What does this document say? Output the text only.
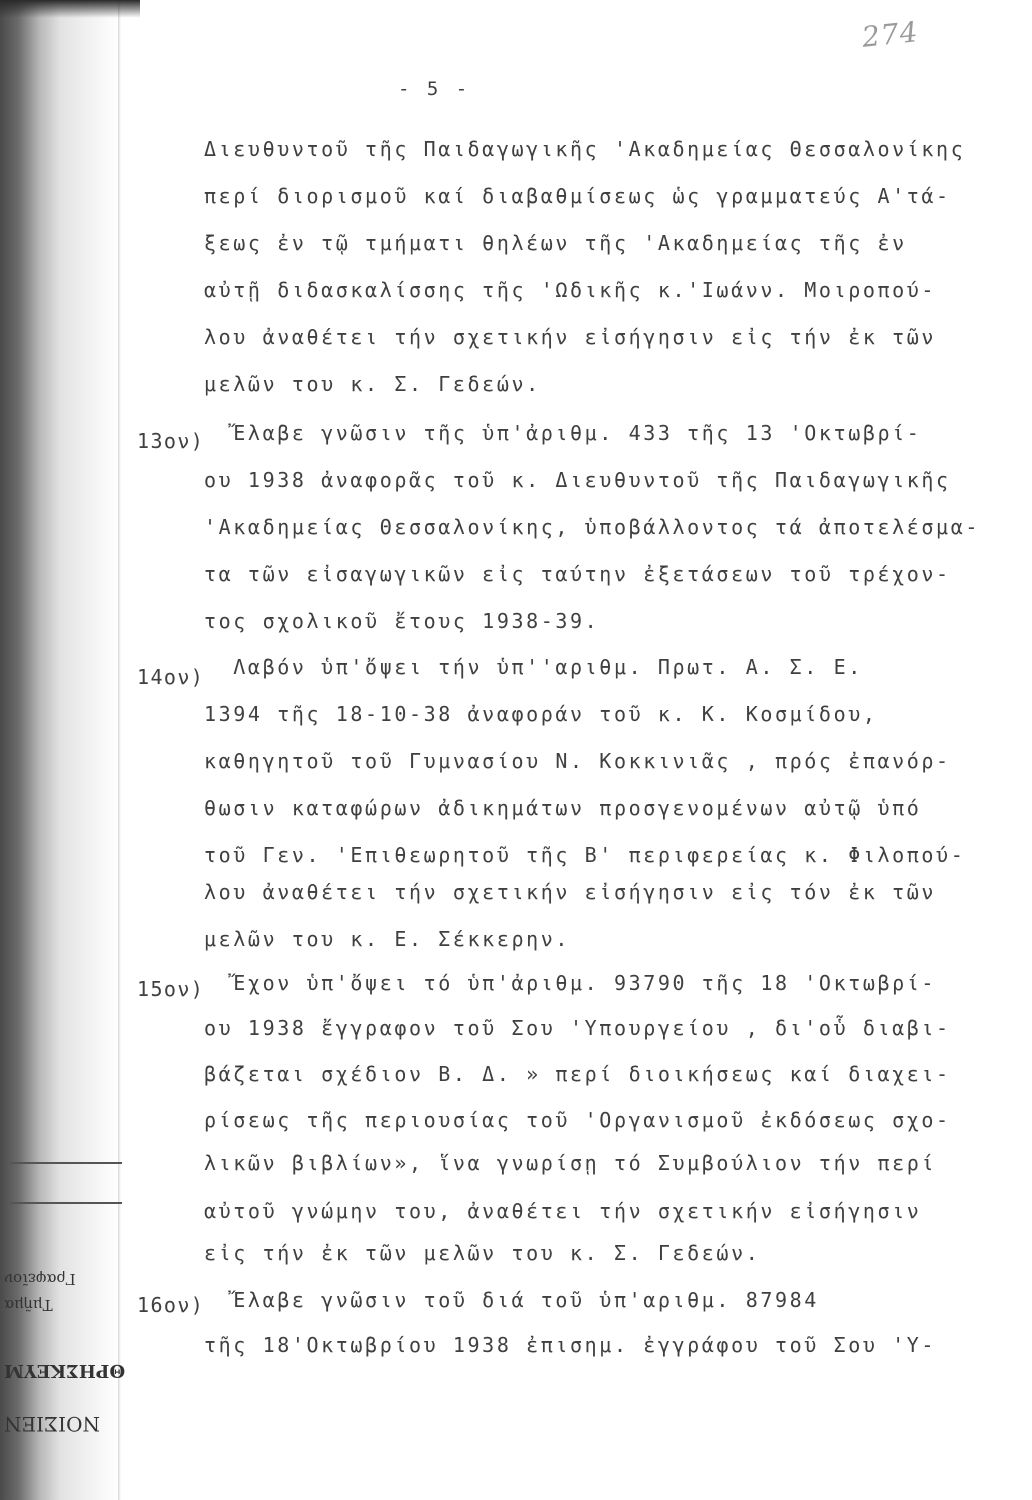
Γραφεῖον
Τμῆμα
ΘΡΗΣΚΕΥΜ
ΝΟΙΣΙΕΝ
274
- 5 -
Διευθυντοῦ τῆς Παιδαγωγικῆς 'Ακαδημείας Θεσσαλονίκης
περί διορισμοῦ καί διαβαθμίσεως ὡς γραμματεύς Α'τά-
ξεως ἐν τῷ τμήματι θηλέων τῆς 'Ακαδημείας τῆς ἐν
αὐτῇ διδασκαλίσσης τῆς 'Ωδικῆς κ.'Ιωάνν. Μοιροπού-
λου ἀναθέτει τήν σχετικήν εἰσήγησιν εἰς τήν ἐκ τῶν
μελῶν του κ. Σ. Γεδεών.
13ον) Ἔλαβε γνῶσιν τῆς ὑπ'ἀριθμ. 433 τῆς 13 'Οκτωβρί-
ου 1938 ἀναφορᾶς τοῦ κ. Διευθυντοῦ τῆς Παιδαγωγικῆς
'Ακαδημείας Θεσσαλονίκης, ὑποβάλλοντος τά ἀποτελέσμα-
τα τῶν εἰσαγωγικῶν εἰς ταύτην ἐξετάσεων τοῦ τρέχον-
τος σχολικοῦ ἔτους 1938-39.
14ον) Λαβόν ὑπ'ὄψει τήν ὑπ''αριθμ. Πρωτ. Α. Σ. Ε.
1394 τῆς 18-10-38 ἀναφοράν τοῦ κ. Κ. Κοσμίδου,
καθηγητοῦ τοῦ Γυμνασίου Ν. Κοκκινιᾶς , πρός ἐπανόρ-
θωσιν καταφώρων ἀδικημάτων προσγενομένων αὐτῷ ὑπό
τοῦ Γεν. 'Επιθεωρητοῦ τῆς Β' περιφερείας κ. Φιλοπού-
λου ἀναθέτει τήν σχετικήν εἰσήγησιν εἰς τόν ἐκ τῶν
μελῶν του κ. Ε. Σέκκερην.
15ον) Ἔχον ὑπ'ὄψει τό ὑπ'ἀριθμ. 93790 τῆς 18 'Οκτωβρί-
ου 1938 ἔγγραφον τοῦ Σου 'Υπουργείου , δι'οὗ διαβι-
βάζεται σχέδιον Β. Δ. » περί διοικήσεως καί διαχει-
ρίσεως τῆς περιουσίας τοῦ 'Οργανισμοῦ ἐκδόσεως σχο-
λικῶν βιβλίων», ἵνα γνωρίσῃ τό Συμβούλιον τήν περί
αὐτοῦ γνώμην του, ἀναθέτει τήν σχετικήν εἰσήγησιν
εἰς τήν ἐκ τῶν μελῶν του κ. Σ. Γεδεών.
16ον) Ἔλαβε γνῶσιν τοῦ διά τοῦ ὑπ'αριθμ. 87984
τῆς 18'Οκτωβρίου 1938 ἐπισημ. ἐγγράφου τοῦ Σου 'Υ-
